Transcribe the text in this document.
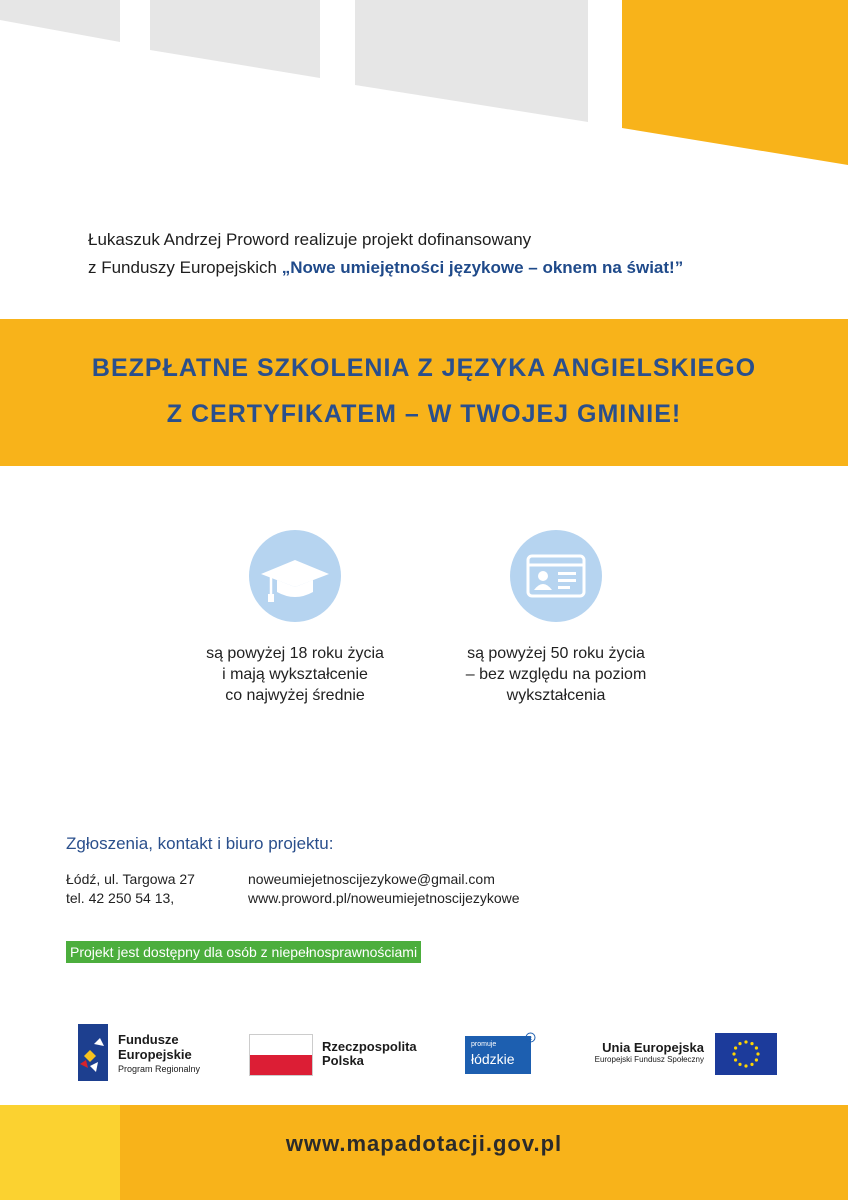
Łukaszuk Andrzej Proword realizuje projekt dofinansowany
z Funduszy Europejskich „Nowe umiejętności językowe – oknem na świat!”
BEZPŁATNE SZKOLENIA Z JĘZYKA ANGIELSKIEGO
Z CERTYFIKATEM – W TWOJEJ GMINIE!
są powyżej 18 roku życia
i mają wykształcenie
co najwyżej średnie
są powyżej 50 roku życia
– bez względu na poziom
wykształcenia
Zgłoszenia, kontakt i biuro projektu:
Łódź, ul. Targowa 27
tel. 42 250 54 13,
noweumiejetnoscijezykowe@gmail.com
www.proword.pl/noweumiejetnoscijezykowe
Projekt jest dostępny dla osób z niepełnosprawnościami
Fundusze
Europejskie
Program Regionalny
Rzeczpospolita
Polska
promuje
łódzkie
c
Unia Europejska
Europejski Fundusz Społeczny
www.mapadotacji.gov.pl
